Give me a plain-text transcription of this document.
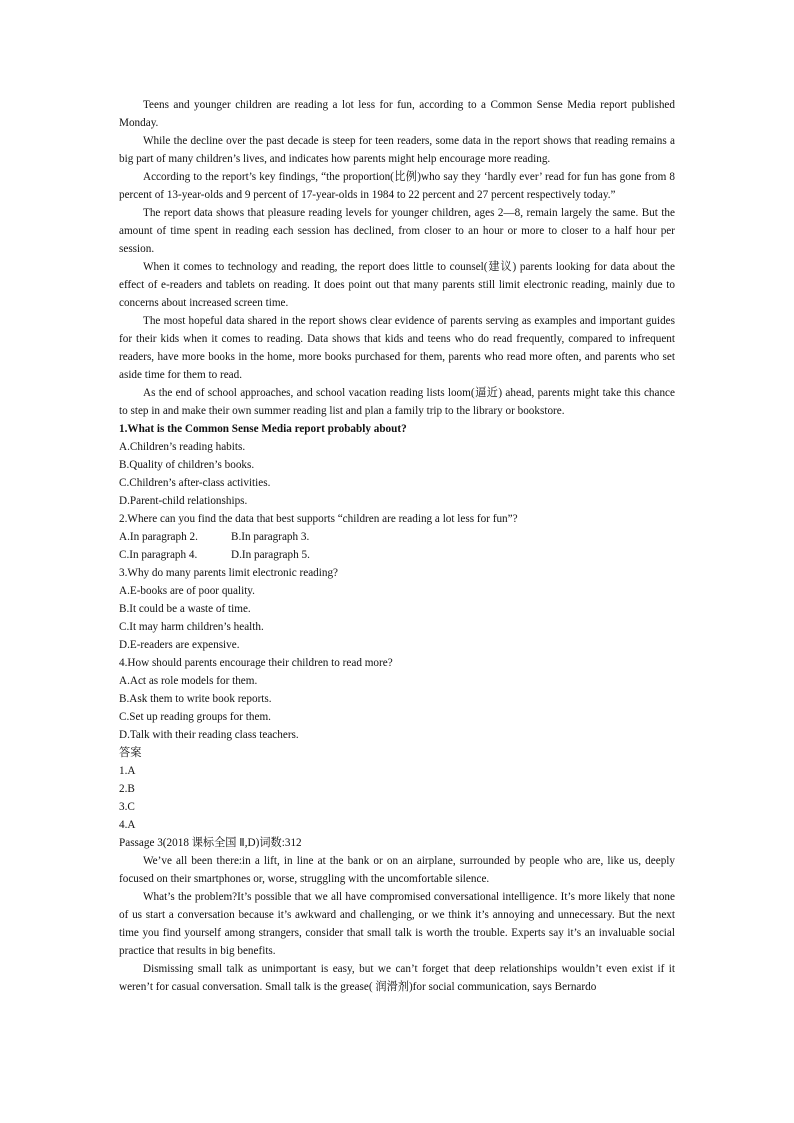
Teens and younger children are reading a lot less for fun, according to a Common Sense Media report published Monday.

While the decline over the past decade is steep for teen readers, some data in the report shows that reading remains a big part of many children’s lives, and indicates how parents might help encourage more reading.

According to the report’s key findings, “the proportion(比例)who say they ‘hardly ever’ read for fun has gone from 8 percent of 13-year-olds and 9 percent of 17-year-olds in 1984 to 22 percent and 27 percent respectively today.”

The report data shows that pleasure reading levels for younger children, ages 2—8, remain largely the same. But the amount of time spent in reading each session has declined, from closer to an hour or more to closer to a half hour per session.

When it comes to technology and reading, the report does little to counsel(建议) parents looking for data about the effect of e-readers and tablets on reading. It does point out that many parents still limit electronic reading, mainly due to concerns about increased screen time.

The most hopeful data shared in the report shows clear evidence of parents serving as examples and important guides for their kids when it comes to reading. Data shows that kids and teens who do read frequently, compared to infrequent readers, have more books in the home, more books purchased for them, parents who read more often, and parents who set aside time for them to read.

As the end of school approaches, and school vacation reading lists loom(逼近) ahead, parents might take this chance to step in and make their own summer reading list and plan a family trip to the library or bookstore.

1.What is the Common Sense Media report probably about?

A.Children’s reading habits.

B.Quality of children’s books.

C.Children’s after-class activities.

D.Parent-child relationships.

2.Where can you find the data that best supports “children are reading a lot less for fun”?

A.In paragraph 2.	B.In paragraph 3.
C.In paragraph 4.	D.In paragraph 5.

3.Why do many parents limit electronic reading?

A.E-books are of poor quality.

B.It could be a waste of time.

C.It may harm children’s health.

D.E-readers are expensive.

4.How should parents encourage their children to read more?

A.Act as role models for them.

B.Ask them to write book reports.

C.Set up reading groups for them.

D.Talk with their reading class teachers.

答案

1.A

2.B

3.C

4.A

Passage 3(2018 课标全国 Ⅱ,D)词数:312

We’ve all been there:in a lift, in line at the bank or on an airplane, surrounded by people who are, like us, deeply focused on their smartphones or, worse, struggling with the uncomfortable silence.

What’s the problem?It’s possible that we all have compromised conversational intelligence. It’s more likely that none of us start a conversation because it’s awkward and challenging, or we think it’s annoying and unnecessary. But the next time you find yourself among strangers, consider that small talk is worth the trouble. Experts say it’s an invaluable social practice that results in big benefits.

Dismissing small talk as unimportant is easy, but we can’t forget that deep relationships wouldn’t even exist if it weren’t for casual conversation. Small talk is the grease( 润滑剂)for social communication, says Bernardo
